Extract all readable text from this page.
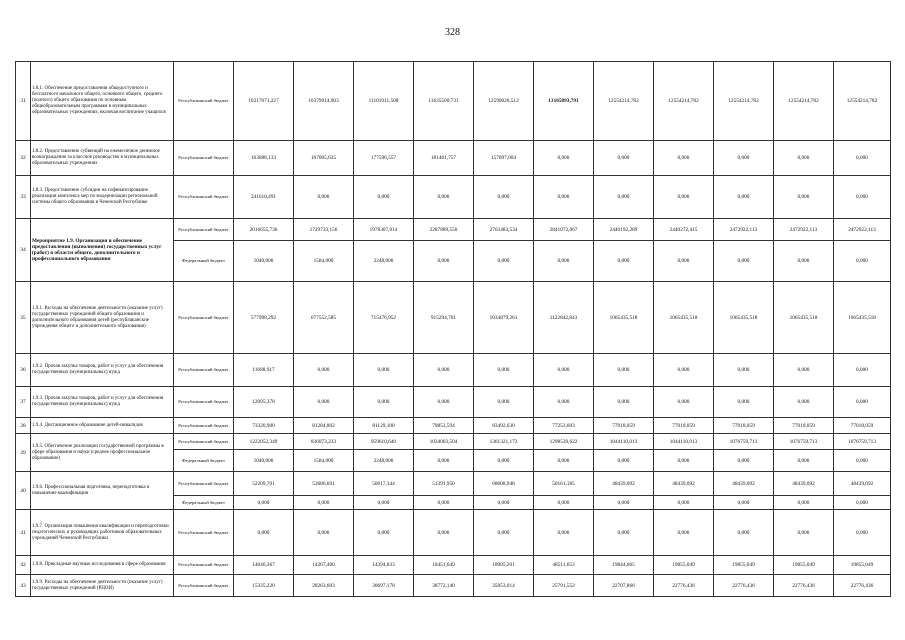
328
31	1.8.1. Обеспечение предоставления общедоступного и бесплатного начального общего, основного общего, среднего (полного) общего образования по основным общеобразовательным программам в муниципальных образовательных учреждениях, включая воспитание учащихся	Республиканский бюджет	10217671,227	10379914,903	11101911,508	11635500,731	12590026,512	13165893,791	12554214,782	12554214,782	12554214,782	12554214,782	12554214,782
32	1.8.2. Предоставление субвенций на ежемесячное денежное вознаграждение за классное руководство в муниципальных образовательных учреждениях	Республиканский бюджет	163088,133	167005,635	177596,557	181461,757	157097,004	0,000	0,000	0,000	0,000	0,000	0,000
33	1.8.3. Предоставление субсидии на софинансирование реализации комплекса мер по модернизации региональной системы общего образования в Чеченской Республике	Республиканский бюджет	241610,491	0,000	0,000	0,000	0,000	0,000	0,000	0,000	0,000	0,000	0,000
34	Мероприятие 1.9. Организация и обеспечение предоставления (выполнения) государственных услуг (работ) в области общего, дополнительного и профессионального образования	Республиканский бюджет	2016655,736	1729733,156	1978307,014	2287889,550	2763483,534	2841072,067	2440192,289	2440272,415	2472922,113	2472922,113	2472922,113
		Федеральный бюджет	1040,000	1584,000	2248,000	0,000	0,000	0,000	0,000	0,000	0,000	0,000	0,000
35	1.9.1. Расходы на обеспечение деятельности (оказание услуг) государственных учреждений общего образования и дополнительного образования детей (республиканские учреждения общего и дополнительного образования)	Республиканский бюджет	577998,292	677552,585	715476,952	915294,701	1034879,261	1122842,843	1065435,518	1065435,518	1065435,518	1065435,518	1065435,518
36	1.9.2. Прочая закупка товаров, работ и услуг для обеспечения государственных (муниципальных) нужд	Республиканский бюджет	11688,917	0,000	0,000	0,000	0,000	0,000	0,000	0,000	0,000	0,000	0,000
37	1.9.3. Прочая закупка товаров, работ и услуг для обеспечения государственных (муниципальных) нужд	Республиканский бюджет	12095,378	0,000	0,000	0,000	0,000	0,000	0,000	0,000	0,000	0,000	0,000
38	1.9.4. Дистанционное образование детей-инвалидов	Республиканский бюджет	73320,900	81284,802	81129,100	79853,594	83492,630	77253,603	77018,059	77018,059	77018,059	77018,059	77018,059
39	1.9.5. Обеспечение реализации государственной программы в сфере образования и науки (среднее профессиональное образование)	Республиканский бюджет	1222052,349	836073,233	959610,640	1034003,504	1361321,173	1298539,622	1044110,013	1044110,013	1076759,713	1076759,713	1076759,713
		Федеральный бюджет	1040,000	1584,000	2248,000	0,000	0,000	0,000	0,000	0,000	0,000	0,000	0,000
40	1.9.6. Профессиональная подготовка, переподготовка и повышение квалификации	Республиканский бюджет	52209,701	53686,691	50017,344	51391,950	68608,948	50161,185	48439,092	48439,092	48439,092	48439,092	48439,092
		Федеральный бюджет	0,000	0,000	0,000	0,000	0,000	0,000	0,000	0,000	0,000	0,000	0,000
41	1.9.7. Организация повышения квалификации и переподготовки педагогических и руководящих работников образовательных учреждений Чеченской Республики	Республиканский бюджет	0,000	0,000	0,000	0,000	0,000	0,000	0,000	0,000	0,000	0,000	0,000
42	1.9.8. Прикладные научные исследования в сфере образования	Республиканский бюджет	14046,367	14267,400	14394,833	18451,649	18905,201	48511,653	19844,665	19855,049	19855,049	19855,049	19855,049
43	1.9.9. Расходы на обеспечение деятельности (оказание услуг) государственных учреждений (РЦОИ)	Республиканский бюджет	15335,220	28263,603	30697,178	38772,140	35053,014	25791,552	22707,866	22776,436	22776,436	22776,436	22776,436
